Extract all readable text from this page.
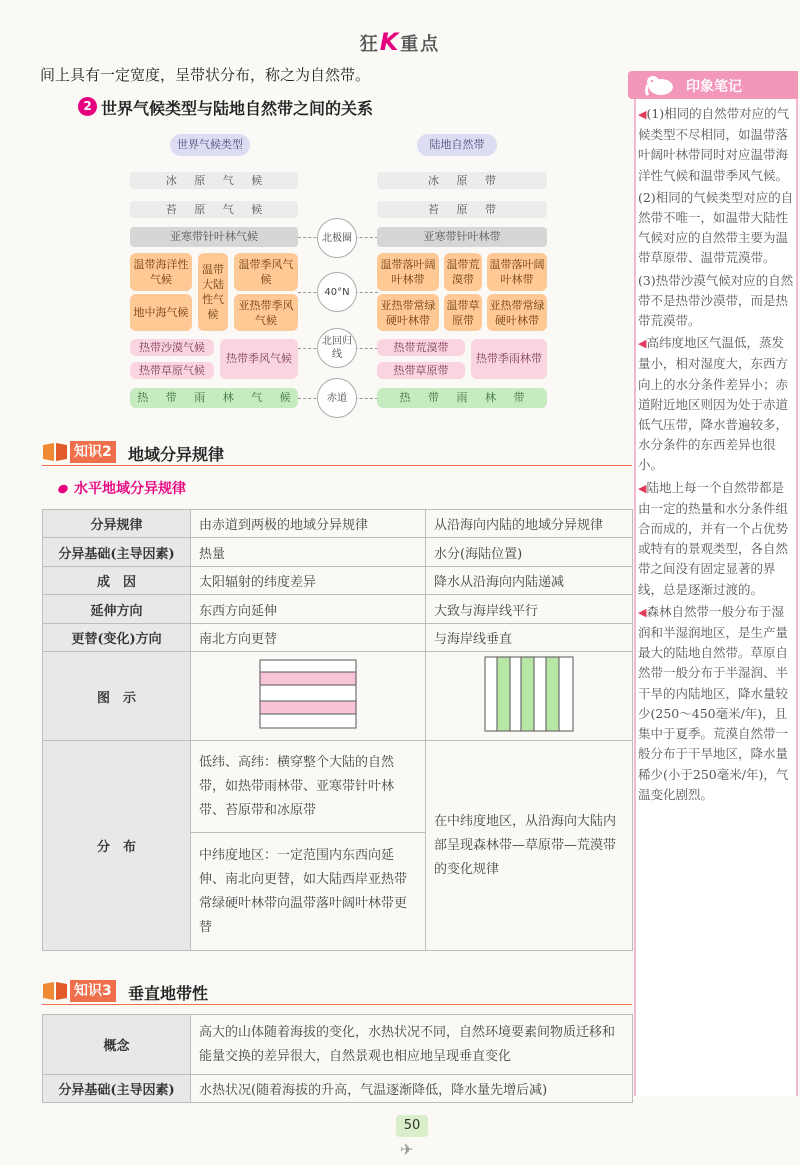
狂K重点
间上具有一定宽度，呈带状分布，称之为自然带。
2 世界气候类型与陆地自然带之间的关系
世界气候类型	陆地自然带
冰 原 气 候
苔 原 气 候
亚寒带针叶林气候
温带海洋性气候
温带大陆性气候
温带季风气候
地中海气候
亚热带季风气候
热带沙漠气候
热带草原气候
热带季风气候
热 带 雨 林 气 候
北极圈
40°N
北回归线
赤道
冰 原 带
苔 原 带
亚寒带针叶林带
温带落叶阔叶林带
温带荒漠带
温带落叶阔叶林带
亚热带常绿硬叶林带
温带草原带
亚热带常绿硬叶林带
热带荒漠带
热带草原带
热带季雨林带
热 带 雨 林 带
知识2 地域分异规律
水平地域分异规律
分异规律	由赤道到两极的地域分异规律	从沿海向内陆的地域分异规律
分异基础(主导因素)	热量	水分(海陆位置)
成　因	太阳辐射的纬度差异	降水从沿海向内陆递减
延伸方向	东西方向延伸	大致与海岸线平行
更替(变化)方向	南北方向更替	与海岸线垂直
图　示		
分　布	低纬、高纬：横穿整个大陆的自然带，如热带雨林带、亚寒带针叶林带、苔原带和冰原带	在中纬度地区，从沿海向大陆内部呈现森林带—草原带—荒漠带的变化规律
	中纬度地区：一定范围内东西向延伸、南北向更替，如大陆西岸亚热带常绿硬叶林带向温带落叶阔叶林带更替	
知识3 垂直地带性
概念	高大的山体随着海拔的变化，水热状况不同，自然环境要素间物质迁移和能量交换的差异很大，自然景观也相应地呈现垂直变化
分异基础(主导因素)	水热状况(随着海拔的升高，气温逐渐降低，降水量先增后减)
◀(1)相同的自然带对应的气候类型不尽相同，如温带落叶阔叶林带同时对应温带海洋性气候和温带季风气候。
(2)相同的气候类型对应的自然带不唯一，如温带大陆性气候对应的自然带主要为温带草原带、温带荒漠带。
(3)热带沙漠气候对应的自然带不是热带沙漠带，而是热带荒漠带。
◀高纬度地区气温低，蒸发量小，相对湿度大，东西方向上的水分条件差异小；赤道附近地区则因为处于赤道低气压带，降水普遍较多，水分条件的东西差异也很小。
◀陆地上每一个自然带都是由一定的热量和水分条件组合而成的，并有一个占优势或特有的景观类型，各自然带之间没有固定显著的界线，总是逐渐过渡的。
◀森林自然带一般分布于湿润和半湿润地区，是生产量最大的陆地自然带。草原自然带一般分布于半湿润、半干旱的内陆地区，降水量较少(250～450毫米/年)，且集中于夏季。荒漠自然带一般分布于干旱地区，降水量稀少(小于250毫米/年)，气温变化剧烈。
印象笔记
50
✈
